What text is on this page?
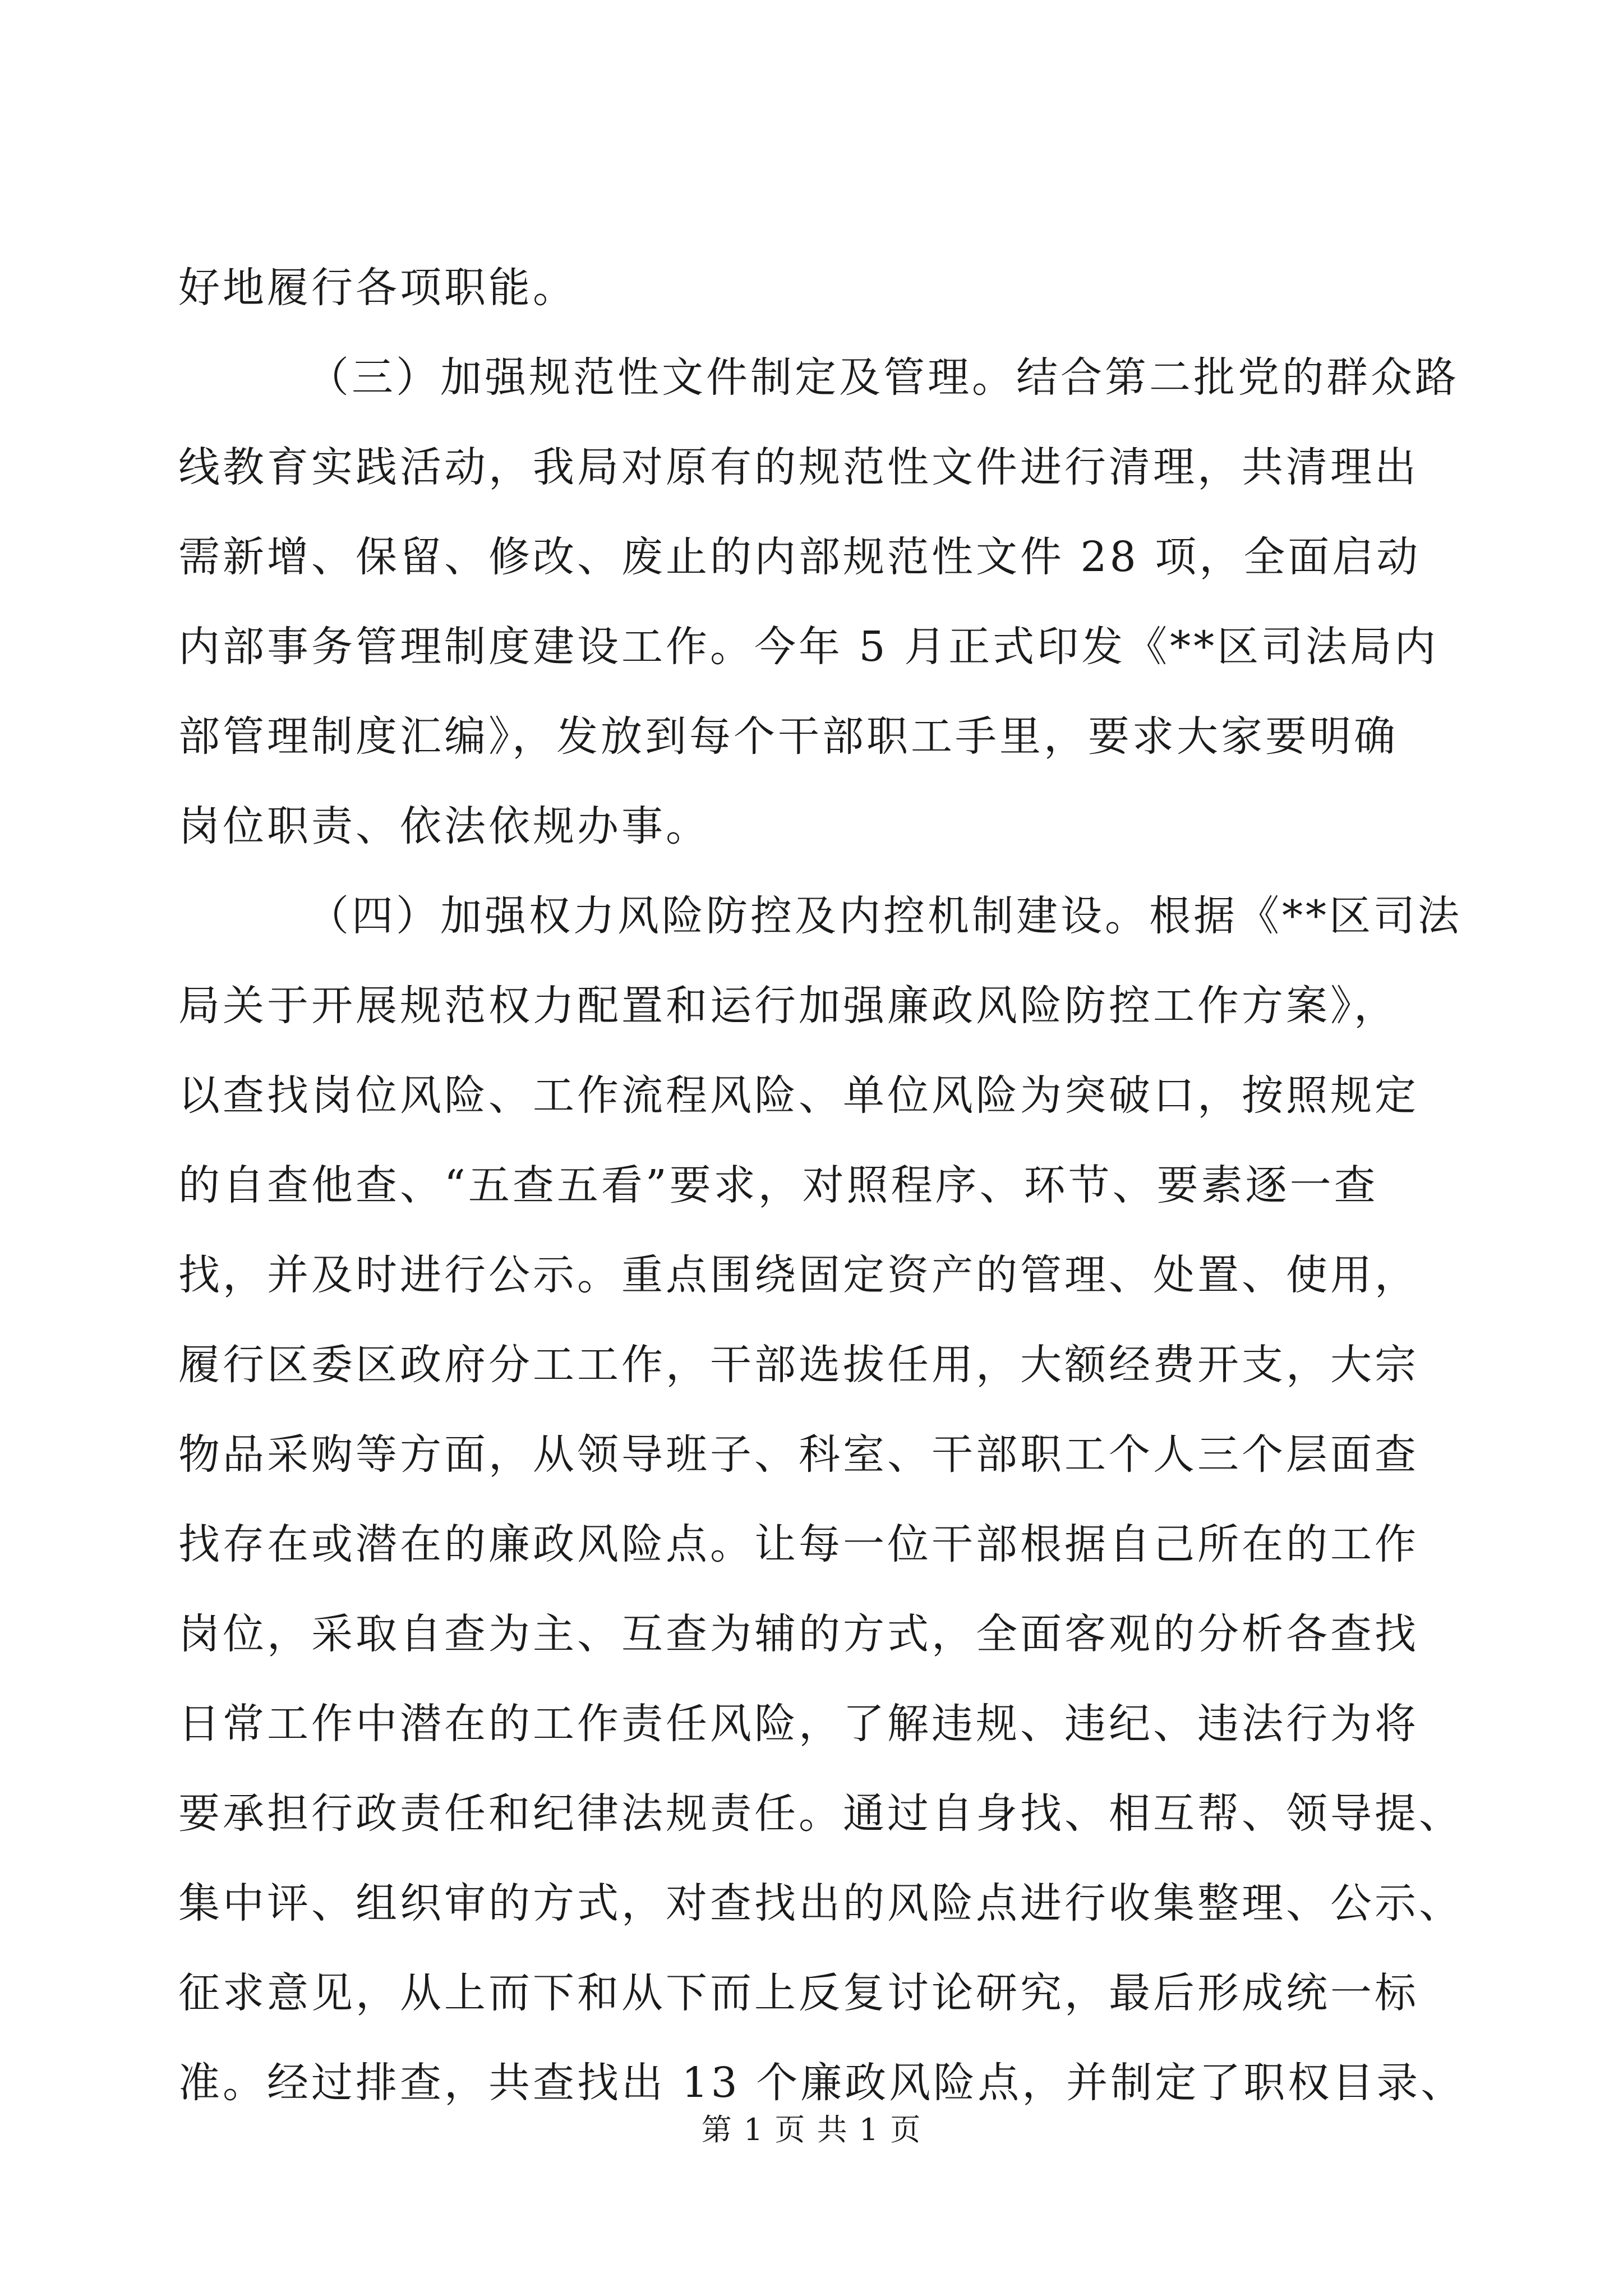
好地履行各项职能。
（三）加强规范性文件制定及管理。结合第二批党的群众路
线教育实践活动，我局对原有的规范性文件进行清理，共清理出
需新增、保留、修改、废止的内部规范性文件 28 项，全面启动
内部事务管理制度建设工作。今年 5 月正式印发《**区司法局内
部管理制度汇编》，发放到每个干部职工手里，要求大家要明确
岗位职责、依法依规办事。
（四）加强权力风险防控及内控机制建设。根据《**区司法
局关于开展规范权力配置和运行加强廉政风险防控工作方案》，
以查找岗位风险、工作流程风险、单位风险为突破口，按照规定
的自查他查、“五查五看”要求，对照程序、环节、要素逐一查
找，并及时进行公示。重点围绕固定资产的管理、处置、使用，
履行区委区政府分工工作，干部选拔任用，大额经费开支，大宗
物品采购等方面，从领导班子、科室、干部职工个人三个层面查
找存在或潜在的廉政风险点。让每一位干部根据自己所在的工作
岗位，采取自查为主、互查为辅的方式，全面客观的分析各查找
日常工作中潜在的工作责任风险，了解违规、违纪、违法行为将
要承担行政责任和纪律法规责任。通过自身找、相互帮、领导提、
集中评、组织审的方式，对查找出的风险点进行收集整理、公示、
征求意见，从上而下和从下而上反复讨论研究，最后形成统一标
准。经过排查，共查找出 13 个廉政风险点，并制定了职权目录、
第 1 页 共 1 页
